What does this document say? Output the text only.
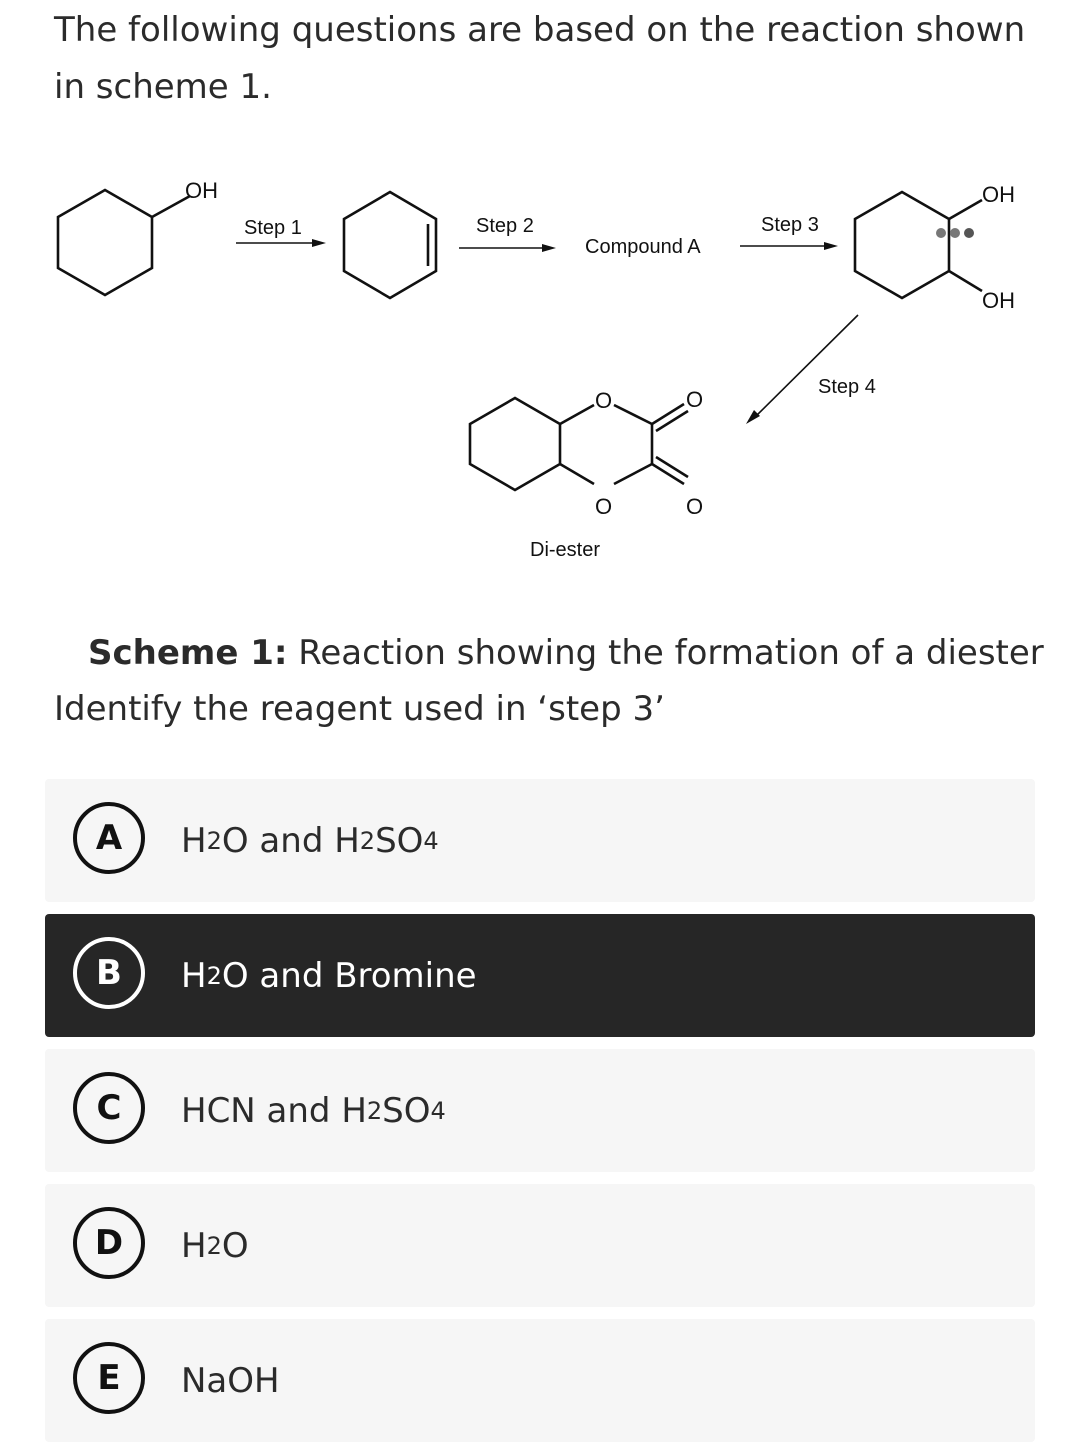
The following questions are based on the reaction shown in scheme 1.

OH
Step 1	Step 2
Compound A
Step 3
OH
OH
Step 4
O
O
O
O
Di-ester

Scheme 1: Reaction showing the formation of a diester

Identify the reagent used in ‘step 3’

A	H 2 O and H 2 SO 4
B	H 2 O and Bromine
C	HCN and H 2 SO 4
D	H 2 O
E	NaOH
